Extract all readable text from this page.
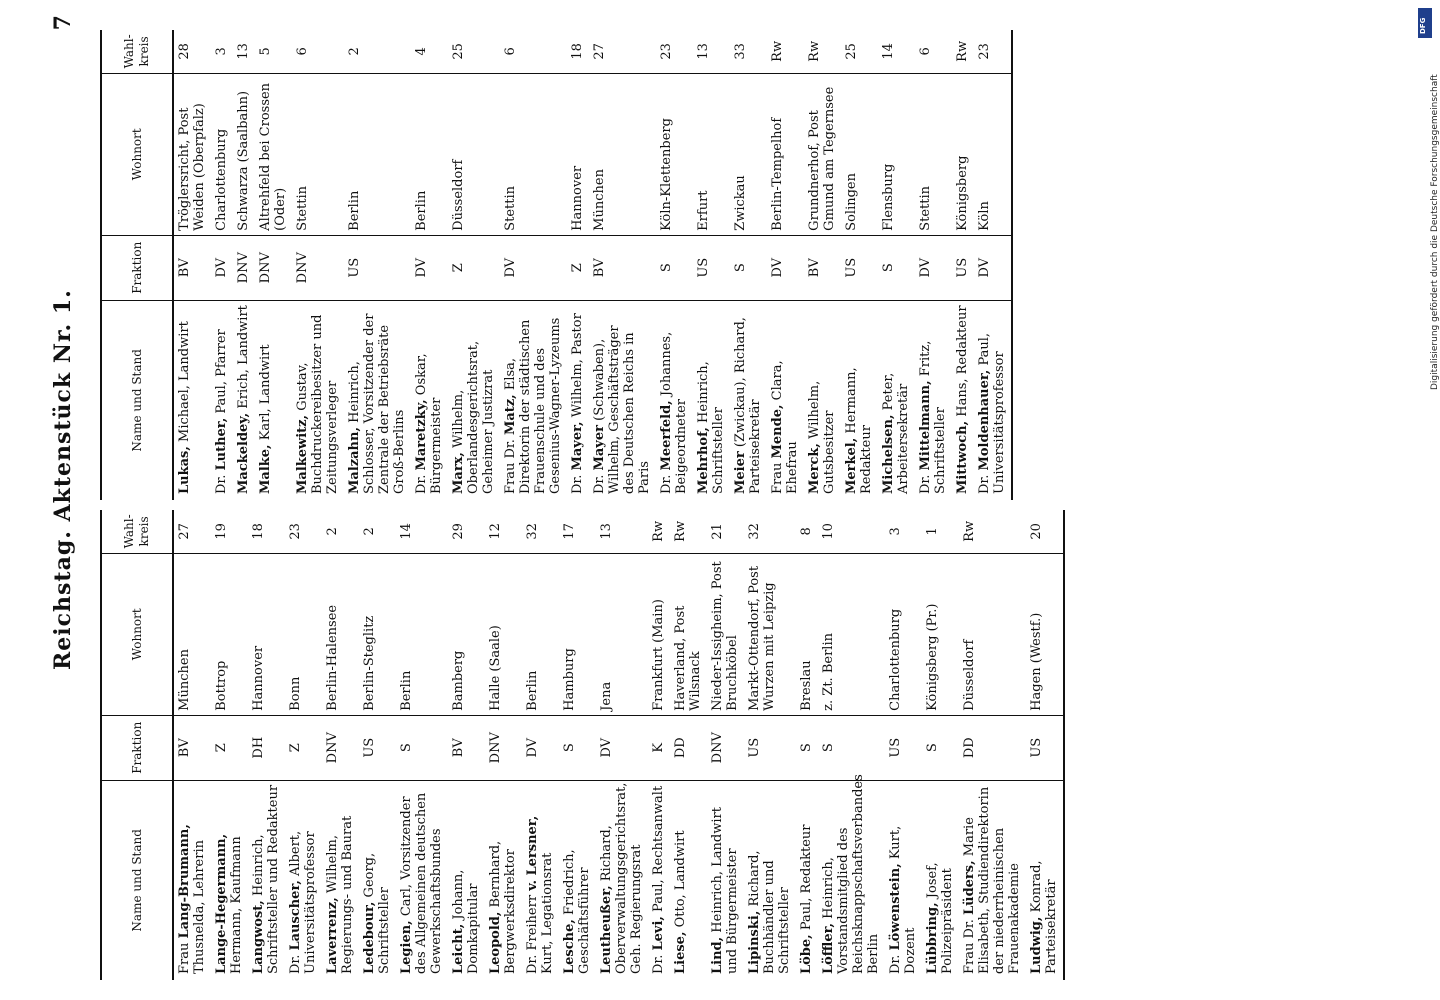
Reichstag. Aktenstück Nr. 1.
7
Name und Stand	Fraktion	Wohnort	Wahl-kreis
Frau Lang-Brumann, Thusnelda, Lehrerin	BV	München	27
Lange-Hegermann, Hermann, Kaufmann	Z	Bottrop	19
Langwost, Heinrich, Schriftsteller und Redakteur	DH	Hannover	18
Dr. Lauscher, Albert, Universitätsprofessor	Z	Bonn	23
Laverrenz, Wilhelm, Regierungs- und Baurat	DNV	Berlin-Halensee	2
Ledebour, Georg, Schriftsteller	US	Berlin-Steglitz	2
Legien, Carl, Vorsitzender des Allgemeinen deutschen Gewerkschaftsbundes	S	Berlin	14
Leicht, Johann, Domkapitular	BV	Bamberg	29
Leopold, Bernhard, Bergwerksdirektor	DNV	Halle (Saale)	12
Dr. Freiherr v. Lersner, Kurt, Legationsrat	DV	Berlin	32
Lesche, Friedrich, Geschäftsführer	S	Hamburg	17
Leutheußer, Richard, Oberverwaltungsgerichtsrat, Geh. Regierungsrat	DV	Jena	13
Dr. Levi, Paul, Rechtsanwalt	K	Frankfurt (Main)	Rw
Liese, Otto, Landwirt	DD	Haverland, Post Wilsnack	Rw
Lind, Heinrich, Landwirt und Bürgermeister	DNV	Nieder-Issigheim, Post Bruchköbel	21
Lipinski, Richard, Buchhändler und Schriftsteller	US	Markt-Ottendorf, Post Wurzen mit Leipzig	32
Löbe, Paul, Redakteur	S	Breslau	8
Löffler, Heinrich, Vorstandsmitglied des Reichsknappschaftsverbandes Berlin	S	z. Zt. Berlin	10
Dr. Löwenstein, Kurt, Dozent	US	Charlottenburg	3
Lübbring, Josef, Polizeipräsident	S	Königsberg (Pr.)	1
Frau Dr. Lüders, Marie Elisabeth, Studiendirektorin der niederrheinischen Frauenakademie	DD	Düsseldorf	Rw
Ludwig, Konrad, Parteisekretär	US	Hagen (Westf.)	20
Name und Stand	Fraktion	Wohnort	Wahl-kreis
Lukas, Michael, Landwirt	BV	Tröglersricht, Post Weiden (Oberpfalz)	28
Dr. Luther, Paul, Pfarrer	DV	Charlottenburg	3
Mackeldey, Erich, Landwirt	DNV	Schwarza (Saalbahn)	13
Malke, Karl, Landwirt	DNV	Altrehfeld bei Crossen (Oder)	5
Malkewitz, Gustav, Buchdruckereibesitzer und Zeitungsverleger	DNV	Stettin	6
Malzahn, Heinrich, Schlosser, Vorsitzender der Zentrale der Betriebsräte Groß-Berlins	US	Berlin	2
Dr. Maretzky, Oskar, Bürgermeister	DV	Berlin	4
Marx, Wilhelm, Oberlandesgerichtsrat, Geheimer Justizrat	Z	Düsseldorf	25
Frau Dr. Matz, Elsa, Direktorin der städtischen Frauenschule und des Gesenius-Wagner-Lyzeums	DV	Stettin	6
Dr. Mayer, Wilhelm, Pastor	Z	Hannover	18
Dr. Mayer (Schwaben), Wilhelm, Geschäftsträger des Deutschen Reichs in Paris	BV	München	27
Dr. Meerfeld, Johannes, Beigeordneter	S	Köln-Klettenberg	23
Mehrhof, Heinrich, Schriftsteller	US	Erfurt	13
Meier (Zwickau), Richard, Parteisekretär	S	Zwickau	33
Frau Mende, Clara, Ehefrau	DV	Berlin-Tempelhof	Rw
Merck, Wilhelm, Gutsbesitzer	BV	Grundnerhof, Post Gmund am Tegernsee	Rw
Merkel, Hermann, Redakteur	US	Solingen	25
Michelsen, Peter, Arbeitersekretär	S	Flensburg	14
Dr. Mittelmann, Fritz, Schriftsteller	DV	Stettin	6
Mittwoch, Hans, Redakteur	US	Königsberg	Rw
Dr. Moldenhauer, Paul, Universitätsprofessor	DV	Köln	23
DFG
Digitalisierung gefördert durch die Deutsche Forschungsgemeinschaft
